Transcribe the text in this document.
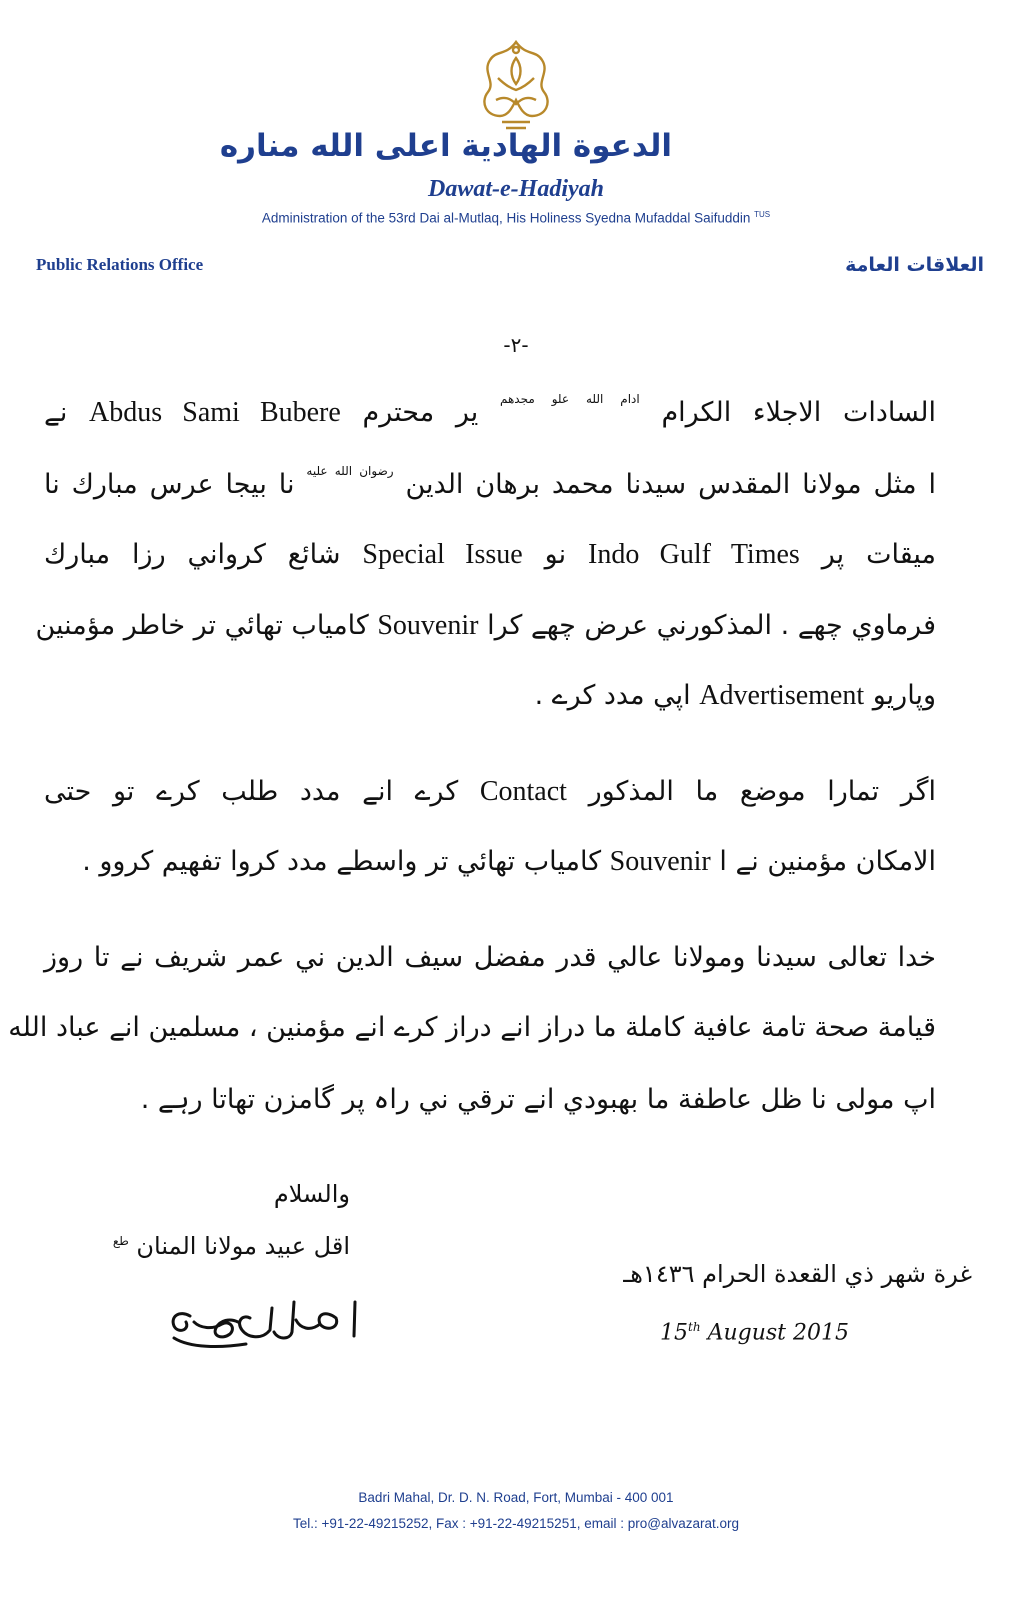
الدعوة الهادية اعلى الله مناره
Dawat-e-Hadiyah
Administration of the 53rd Dai al-Mutlaq, His Holiness Syedna Mufaddal Saifuddin $^{TUS}$
Public Relations Office	العلاقات العامة
-٢-
السادات الاجلاء الكرام $^{ادام الله علو مجدهم}$ ير محترم Abdus Sami Bubere نے
ا مثل مولانا المقدس سيدنا محمد برهان الدين $^{رضوان الله عليه}$ نا بيجا عرس مبارك نا
ميقات پر Indo Gulf Times نو Special Issue شائع كرواني رزا مبارك
فرماوي چھے . المذكورني عرض چھے كرا Souvenir كامياب تھائي تر خاطر مؤمنين
وپاريو Advertisement اپي مدد كرے .
اگر تمارا موضع ما المذكور Contact كرے انے مدد طلب كرے تو حتى
الامكان مؤمنين نے ا Souvenir كامياب تھائي تر واسطے مدد كروا تفهيم كروو .
خدا تعالى سيدنا ومولانا عالي قدر مفضل سيف الدين ني عمر شريف نے تا روز
قيامة صحة تامة عافية كاملة ما دراز انے دراز كرے انے مؤمنين ، مسلمين انے عباد الله
اپ مولى نا ظل عاطفة ما بھبودي انے ترقي ني راہ پر گامزن تھاتا رہے .
والسلام
اقل عبيد مولانا المنان $^{طع}$
غرة شهر ذي القعدة الحرام ١٤٣٦هـ
15th August 2015
Badri Mahal, Dr. D. N. Road, Fort, Mumbai - 400 001
Tel.: +91-22-49215252, Fax : +91-22-49215251, email : pro@alvazarat.org
